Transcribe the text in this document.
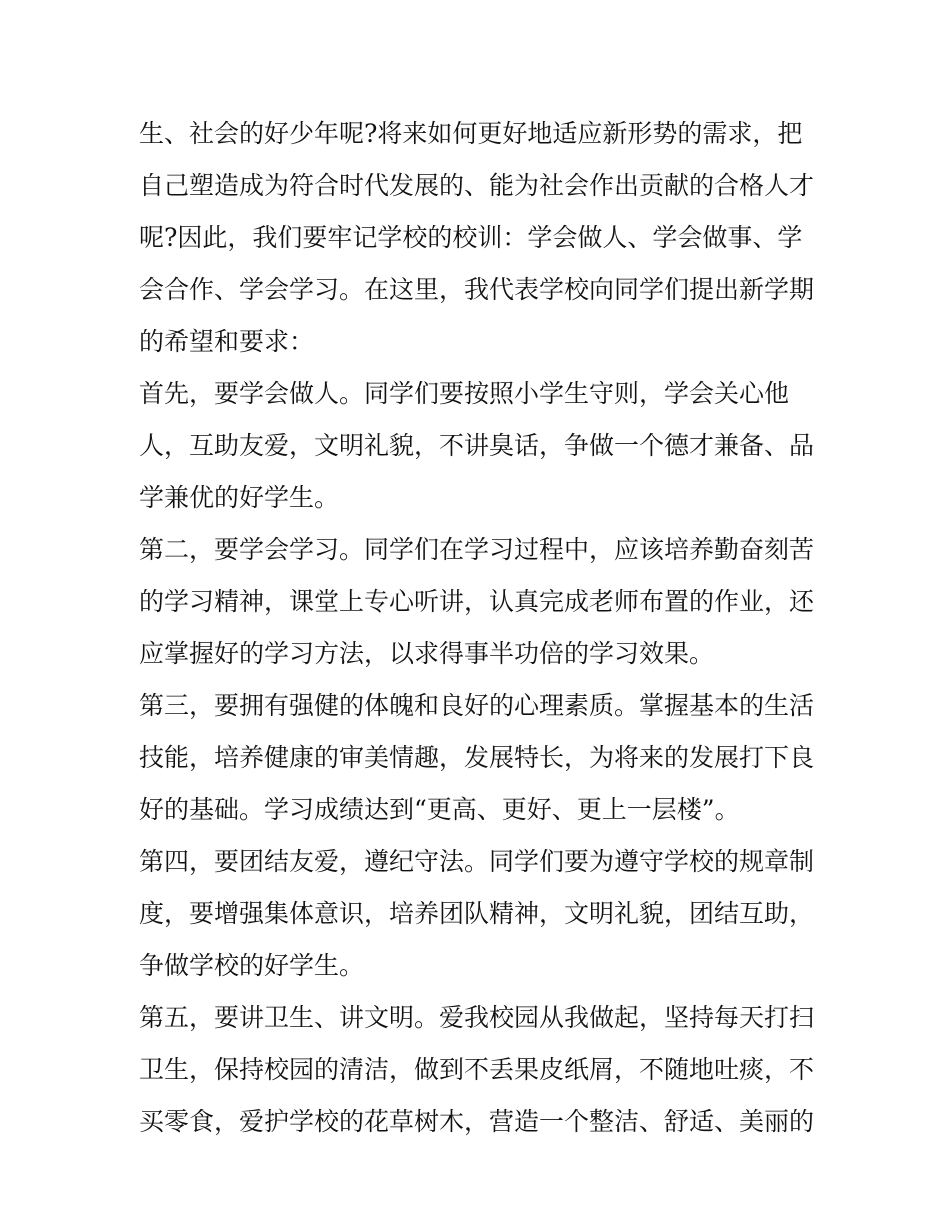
生、社会的好少年呢?将来如何更好地适应新形势的需求，把
自己塑造成为符合时代发展的、能为社会作出贡献的合格人才
呢?因此，我们要牢记学校的校训：学会做人、学会做事、学
会合作、学会学习。在这里，我代表学校向同学们提出新学期
的希望和要求：
首先，要学会做人。同学们要按照小学生守则，学会关心他
人，互助友爱，文明礼貌，不讲臭话，争做一个德才兼备、品
学兼优的好学生。
第二，要学会学习。同学们在学习过程中，应该培养勤奋刻苦
的学习精神，课堂上专心听讲，认真完成老师布置的作业，还
应掌握好的学习方法，以求得事半功倍的学习效果。
第三，要拥有强健的体魄和良好的心理素质。掌握基本的生活
技能，培养健康的审美情趣，发展特长，为将来的发展打下良
好的基础。学习成绩达到“更高、更好、更上一层楼”。
第四，要团结友爱，遵纪守法。同学们要为遵守学校的规章制
度，要增强集体意识，培养团队精神，文明礼貌，团结互助，
争做学校的好学生。
第五，要讲卫生、讲文明。爱我校园从我做起，坚持每天打扫
卫生，保持校园的清洁，做到不丢果皮纸屑，不随地吐痰，不
买零食，爱护学校的花草树木，营造一个整洁、舒适、美丽的
